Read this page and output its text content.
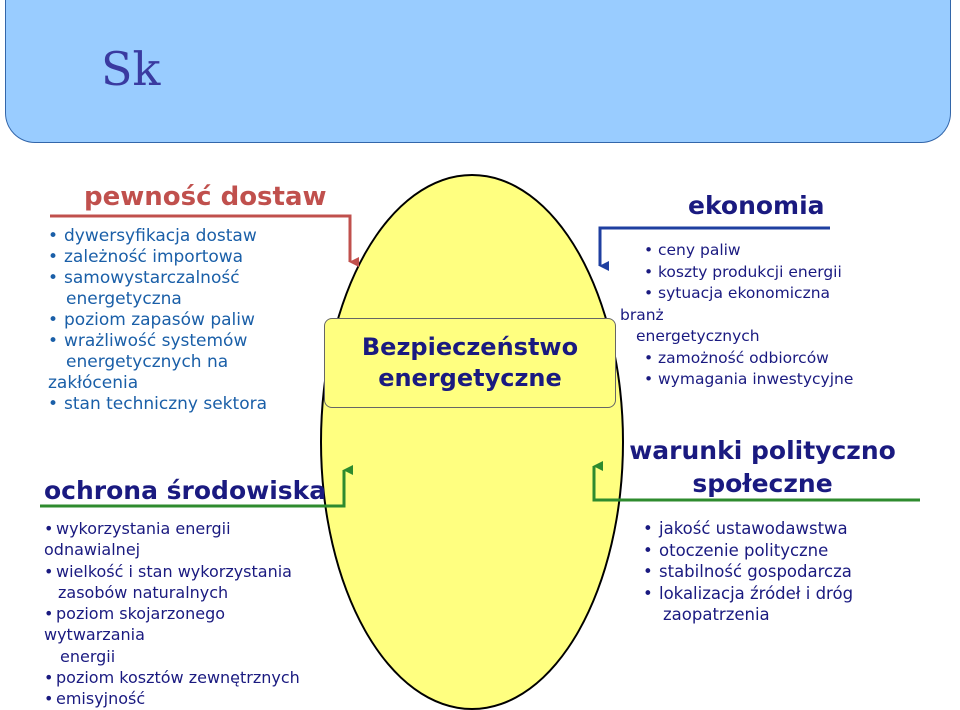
Sk
Bezpieczeństwo
energetyczne
pewność dostaw
• dywersyfikacja dostaw
• zależność importowa
• samowystarczalność
energetyczna
• poziom zapasów paliw
• wrażliwość systemów
energetycznych na
zakłócenia
• stan techniczny sektora
ochrona środowiska
• wykorzystania energii
odnawialnej
• wielkość i stan wykorzystania
zasobów naturalnych
• poziom skojarzonego
wytwarzania
energii
• poziom kosztów zewnętrznych
• emisyjność
ekonomia
• ceny paliw
• koszty produkcji energii
• sytuacja ekonomiczna
branż
energetycznych
• zamożność odbiorców
• wymagania inwestycyjne
warunki polityczno
społeczne
• jakość ustawodawstwa
• otoczenie polityczne
• stabilność gospodarcza
• lokalizacja źródeł i dróg
zaopatrzenia
